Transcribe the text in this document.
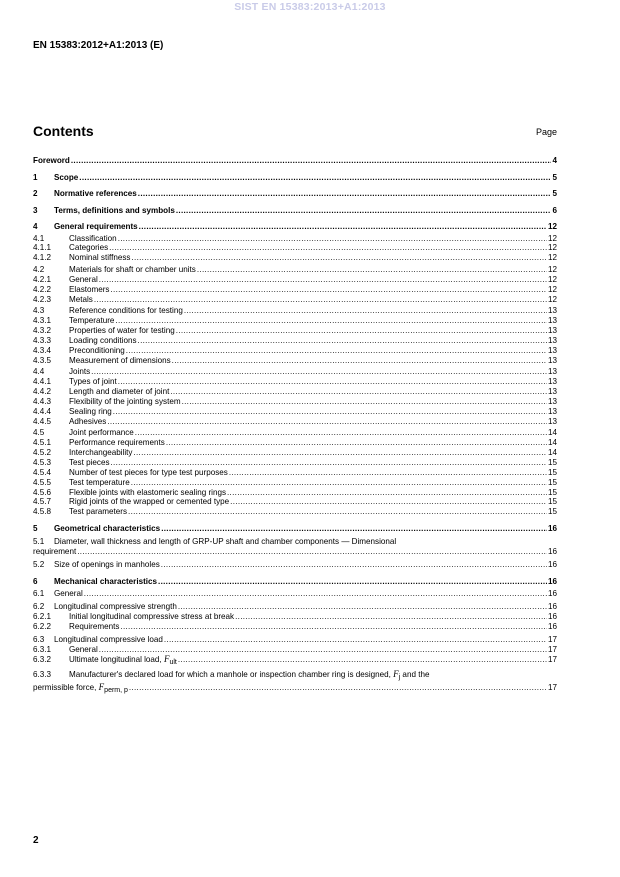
SIST EN 15383:2013+A1:2013
EN 15383:2012+A1:2013 (E)
Contents	Page
Foreword .....	4
1	Scope .....	5
2	Normative references .....	5
3	Terms, definitions and symbols .....	6
4	General requirements .....	12
4.1	Classification .....	12
4.1.1	Categories .....	12
4.1.2	Nominal stiffness .....	12
4.2	Materials for shaft or chamber units .....	12
4.2.1	General .....	12
4.2.2	Elastomers .....	12
4.2.3	Metals .....	12
4.3	Reference conditions for testing .....	13
4.3.1	Temperature .....	13
4.3.2	Properties of water for testing .....	13
4.3.3	Loading conditions .....	13
4.3.4	Preconditioning .....	13
4.3.5	Measurement of dimensions .....	13
4.4	Joints .....	13
4.4.1	Types of joint .....	13
4.4.2	Length and diameter of joint .....	13
4.4.3	Flexibility of the jointing system .....	13
4.4.4	Sealing ring .....	13
4.4.5	Adhesives .....	13
4.5	Joint performance .....	14
4.5.1	Performance requirements .....	14
4.5.2	Interchangeability .....	14
4.5.3	Test pieces .....	15
4.5.4	Number of test pieces for type test purposes .....	15
4.5.5	Test temperature .....	15
4.5.6	Flexible joints with elastomeric sealing rings .....	15
4.5.7	Rigid joints of the wrapped or cemented type .....	15
4.5.8	Test parameters .....	15
5	Geometrical characteristics .....	16
5.1 Diameter, wall thickness and length of GRP-UP shaft and chamber components — Dimensional
requirement .....	16
5.2	Size of openings in manholes .....	16
6	Mechanical characteristics .....	16
6.1	General .....	16
6.2	Longitudinal compressive strength .....	16
6.2.1	Initial longitudinal compressive stress at break .....	16
6.2.2	Requirements .....	16
6.3	Longitudinal compressive load .....	17
6.3.1	General .....	17
6.3.2	Ultimate longitudinal load, Fult .....	17
6.3.3 Manufacturer's declared load for which a manhole or inspection chamber ring is designed, Fj and the
permissible force, Fperm, p .....	17
2
